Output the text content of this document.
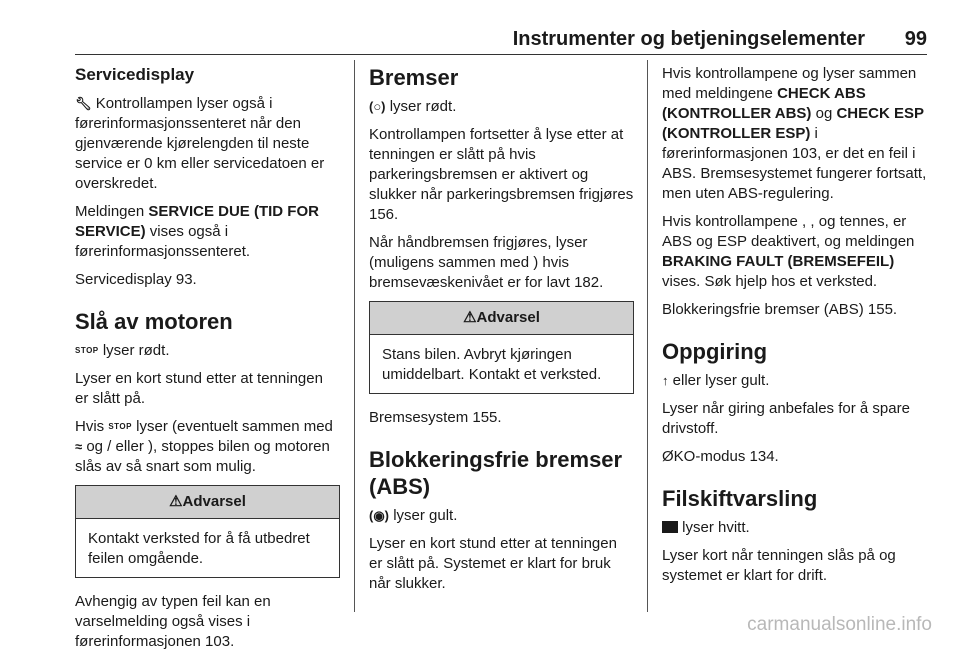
Instrumenter og betjeningselementer 99
Servicedisplay

🔧︎ Kontrollampen lyser også i førerinformasjonssenteret når den gjenværende kjørelengden til neste service er 0 km eller servicedatoen er overskredet.

Meldingen SERVICE DUE (TID FOR SERVICE) vises også i førerinformasjonssenteret.

Servicedisplay 93.

Slå av motoren

STOP lyser rødt.

Lyser en kort stund etter at tenningen er slått på.

Hvis STOP lyser (eventuelt sammen med ≈ og / eller ), stoppes bilen og motoren slås av så snart som mulig.

⚠Advarsel
Kontakt verksted for å få utbedret feilen omgående.

Avhengig av typen feil kan en varselmelding også vises i førerinformasjonen 103.

Bremser

(○) lyser rødt.

Kontrollampen fortsetter å lyse etter at tenningen er slått på hvis parkeringsbremsen er aktivert og slukker når parkeringsbremsen frigjøres 156.

Når håndbremsen frigjøres, lyser (muligens sammen med ) hvis bremsevæskenivået er for lavt 182.

⚠Advarsel
Stans bilen. Avbryt kjøringen umiddelbart. Kontakt et verksted.

Bremsesystem 155.

Blokkeringsfrie bremser (ABS)

(◉) lyser gult.

Lyser en kort stund etter at tenningen er slått på. Systemet er klart for bruk når slukker.

Hvis kontrollampene og lyser sammen med meldingene CHECK ABS (KONTROLLER ABS) og CHECK ESP (KONTROLLER ESP) i førerinformasjonen 103, er det en feil i ABS. Bremsesystemet fungerer fortsatt, men uten ABS-regulering.

Hvis kontrollampene , , og tennes, er ABS og ESP deaktivert, og meldingen BRAKING FAULT (BREMSEFEIL) vises. Søk hjelp hos et verksted.

Blokkeringsfrie bremser (ABS) 155.

Oppgiring

↑ eller lyser gult.

Lyser når giring anbefales for å spare drivstoff.

ØKO-modus 134.

Filskiftvarsling

lyser hvitt.

Lyser kort når tenningen slås på og systemet er klart for drift.

carmanualsonline.info
